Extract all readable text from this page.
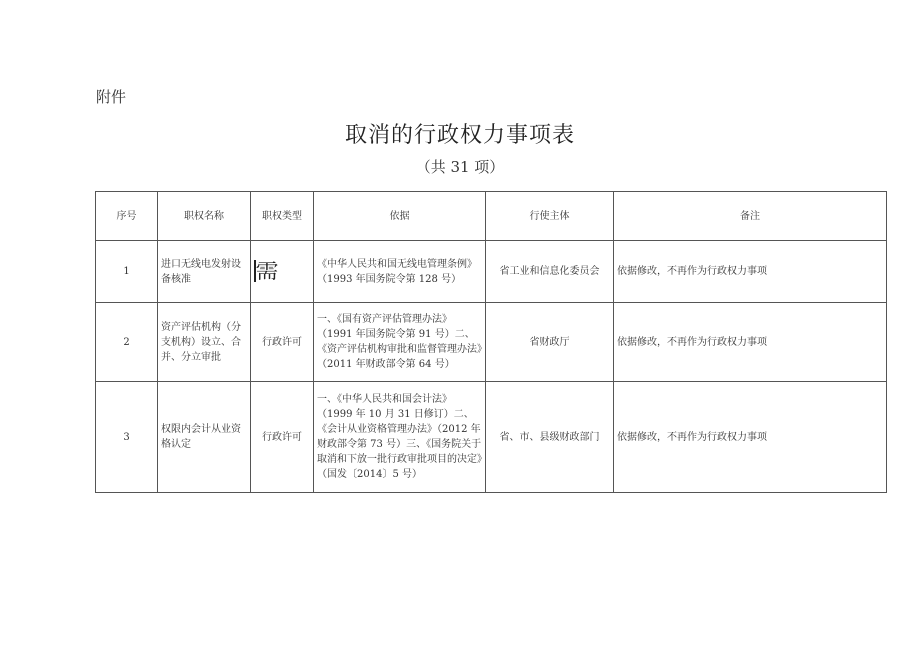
附件
取消的行政权力事项表
（共 31 项）
序号	职权名称	职权类型	依据	行使主体	备注
1	进口无线电发射设备核准	需	《中华人民共和国无线电管理条例》（1993 年国务院令第 128 号）	省工业和信息化委员会	依据修改，不再作为行政权力事项
2	资产评估机构（分支机构）设立、合并、分立审批	行政许可	一、《国有资产评估管理办法》（1991 年国务院令第 91 号）二、《资产评估机构审批和监督管理办法》（2011 年财政部令第 64 号）	省财政厅	依据修改，不再作为行政权力事项
3	权限内会计从业资格认定	行政许可	一、《中华人民共和国会计法》（1999 年 10 月 31 日修订）二、《会计从业资格管理办法》（2012 年财政部令第 73 号）三、《国务院关于取消和下放一批行政审批项目的决定》（国发〔2014〕5 号）	省、市、县级财政部门	依据修改，不再作为行政权力事项
